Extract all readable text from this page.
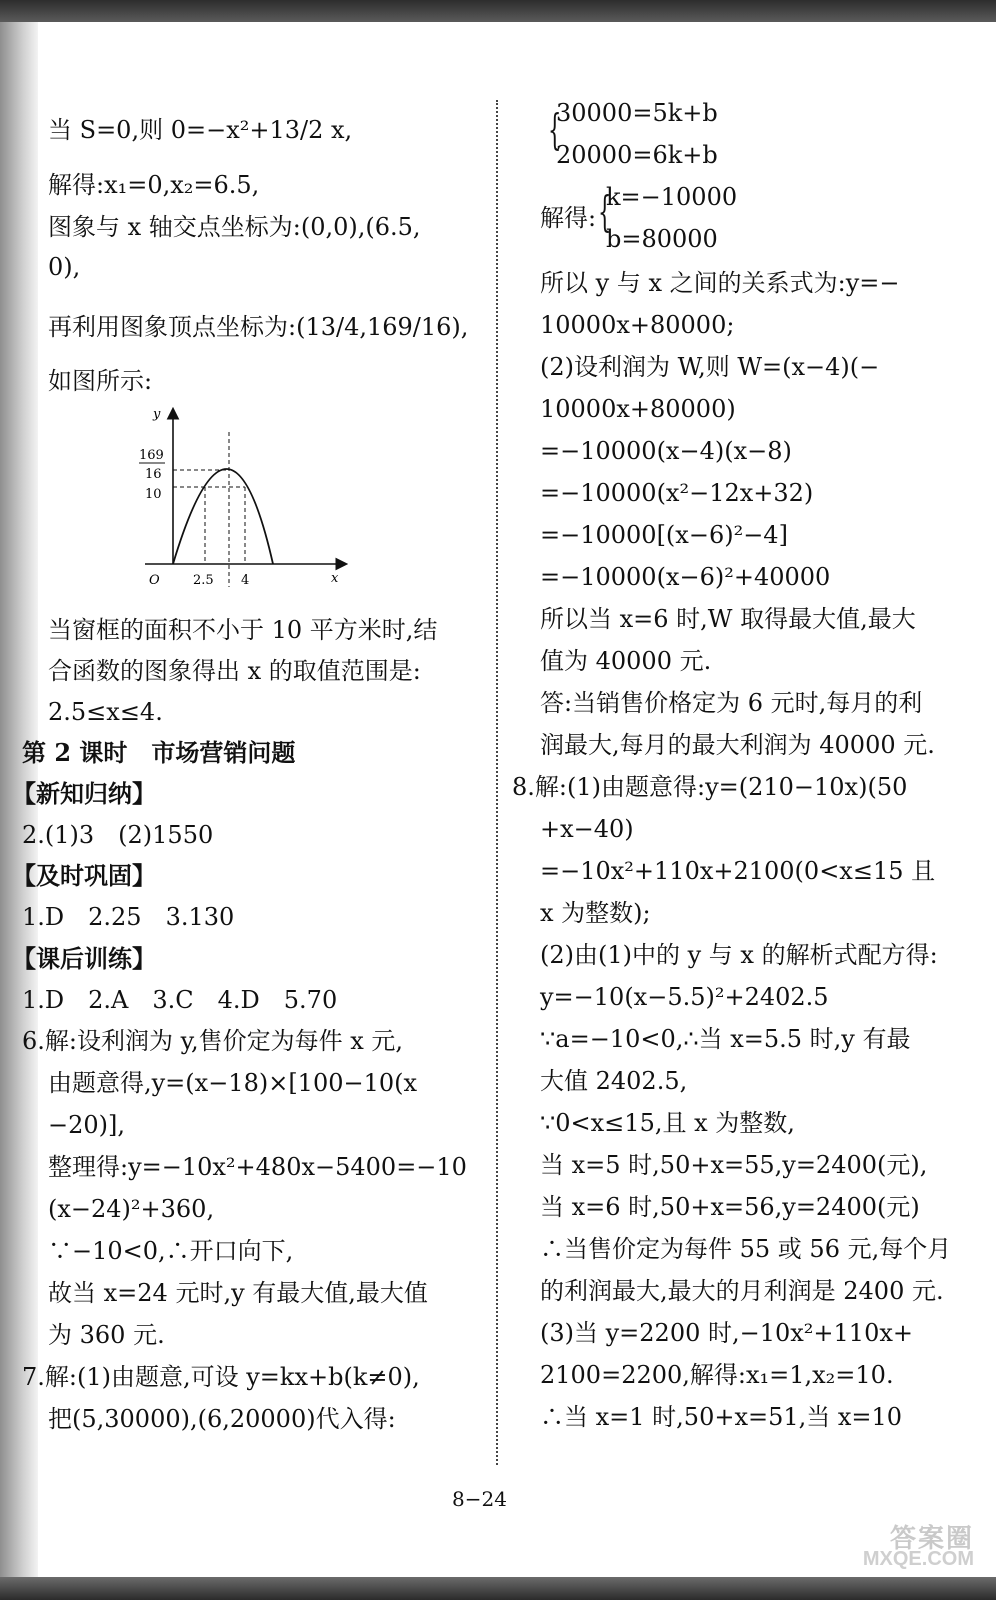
当 S=0,则 0=−x²+13/2 x,
解得:x₁=0,x₂=6.5,
图象与 x 轴交点坐标为:(0,0),(6.5,
0),
再利用图象顶点坐标为:(13/4,169/16),
如图所示:
y
x
O
169
16
10
2.5 4
当窗框的面积不小于 10 平方米时,结
合函数的图象得出 x 的取值范围是:
2.5≤x≤4.
第 2 课时　市场营销问题
【新知归纳】
2.(1)3　(2)1550
【及时巩固】
1.D　2.25　3.130
【课后训练】
1.D　2.A　3.C　4.D　5.70
6.解:设利润为 y,售价定为每件 x 元,
由题意得,y=(x−18)×[100−10(x
−20)],
整理得:y=−10x²+480x−5400=−10
(x−24)²+360,
∵−10<0,∴开口向下,
故当 x=24 元时,y 有最大值,最大值
为 360 元.
7.解:(1)由题意,可设 y=kx+b(k≠0),
把(5,30000),(6,20000)代入得:
{
30000=5k+b
20000=6k+b
解得: {
k=−10000
b=80000
所以 y 与 x 之间的关系式为:y=−
10000x+80000;
(2)设利润为 W,则 W=(x−4)(−
10000x+80000)
=−10000(x−4)(x−8)
=−10000(x²−12x+32)
=−10000[(x−6)²−4]
=−10000(x−6)²+40000
所以当 x=6 时,W 取得最大值,最大
值为 40000 元.
答:当销售价格定为 6 元时,每月的利
润最大,每月的最大利润为 40000 元.
8.解:(1)由题意得:y=(210−10x)(50
+x−40)
=−10x²+110x+2100(0<x≤15 且
x 为整数);
(2)由(1)中的 y 与 x 的解析式配方得:
y=−10(x−5.5)²+2402.5
∵a=−10<0,∴当 x=5.5 时,y 有最
大值 2402.5,
∵0<x≤15,且 x 为整数,
当 x=5 时,50+x=55,y=2400(元),
当 x=6 时,50+x=56,y=2400(元)
∴当售价定为每件 55 或 56 元,每个月
的利润最大,最大的月利润是 2400 元.
(3)当 y=2200 时,−10x²+110x+
2100=2200,解得:x₁=1,x₂=10.
∴当 x=1 时,50+x=51,当 x=10
8−24
答案圈
MXQE.COM
